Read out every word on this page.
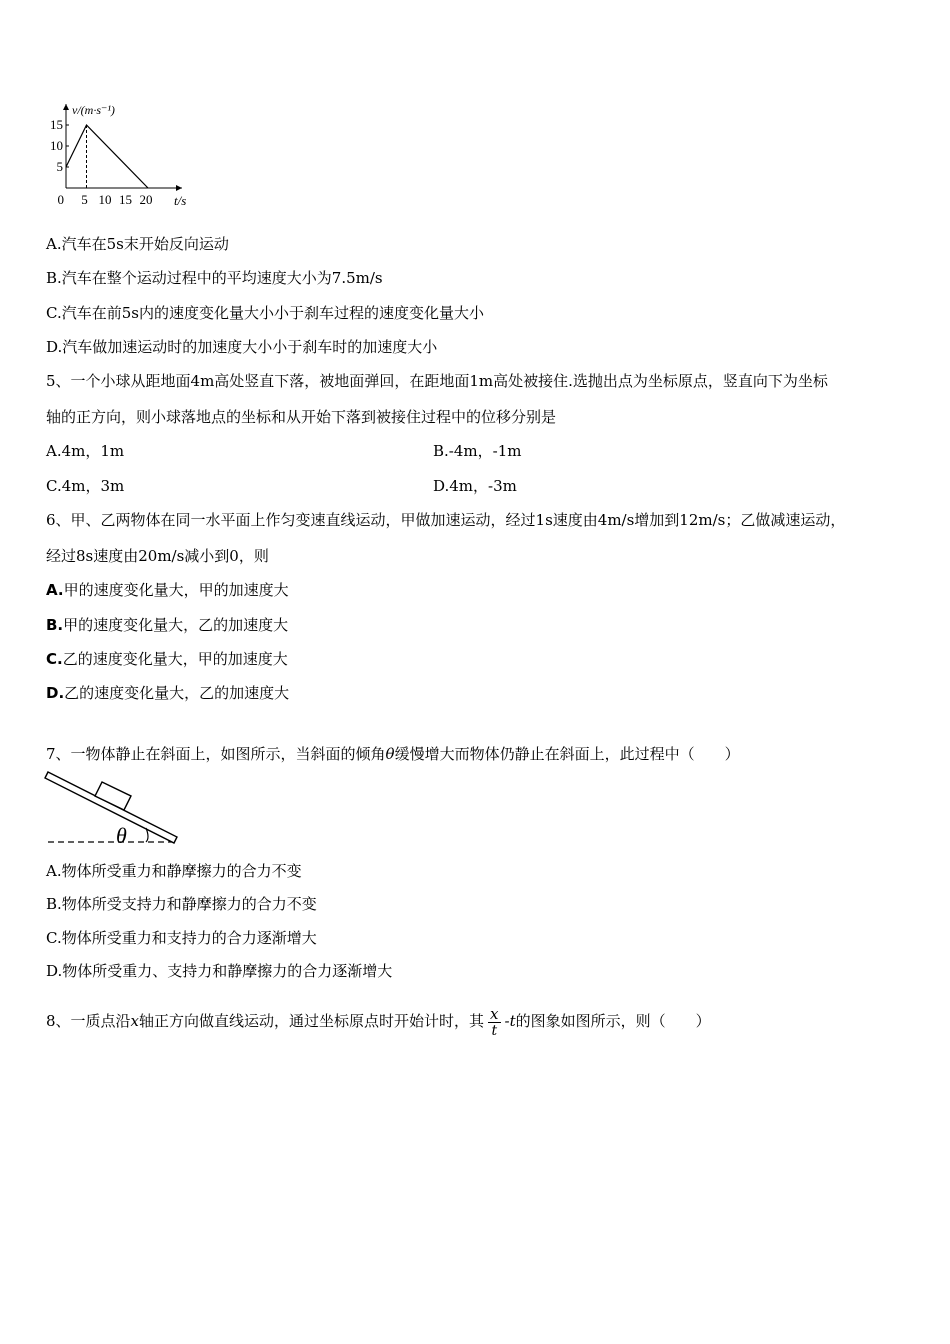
v/(m·s⁻¹)
t/s
15
10
5
0 5 10 15 20
A.汽车在5s末开始反向运动
B.汽车在整个运动过程中的平均速度大小为7.5m/s
C.汽车在前5s内的速度变化量大小小于刹车过程的速度变化量大小
D.汽车做加速运动时的加速度大小小于刹车时的加速度大小
5、一个小球从距地面4m高处竖直下落，被地面弹回，在距地面1m高处被接住.选抛出点为坐标原点，竖直向下为坐标
轴的正方向，则小球落地点的坐标和从开始下落到被接住过程中的位移分别是
A.4m，1m	B.-4m，-1m
C.4m，3m	D.4m，-3m
6、甲、乙两物体在同一水平面上作匀变速直线运动，甲做加速运动，经过1s速度由4m/s增加到12m/s；乙做减速运动，
经过8s速度由20m/s减小到0，则
A.甲的速度变化量大，甲的加速度大
B.甲的速度变化量大，乙的加速度大
C.乙的速度变化量大，甲的加速度大
D.乙的速度变化量大，乙的加速度大
7、一物体静止在斜面上，如图所示，当斜面的倾角θ缓慢增大而物体仍静止在斜面上，此过程中（　　）
θ
A.物体所受重力和静摩擦力的合力不变
B.物体所受支持力和静摩擦力的合力不变
C.物体所受重力和支持力的合力逐渐增大
D.物体所受重力、支持力和静摩擦力的合力逐渐增大
8、一质点沿x轴正方向做直线运动，通过坐标原点时开始计时，其 $\frac{x}{t} -t$的图象如图所示，则（　　）
